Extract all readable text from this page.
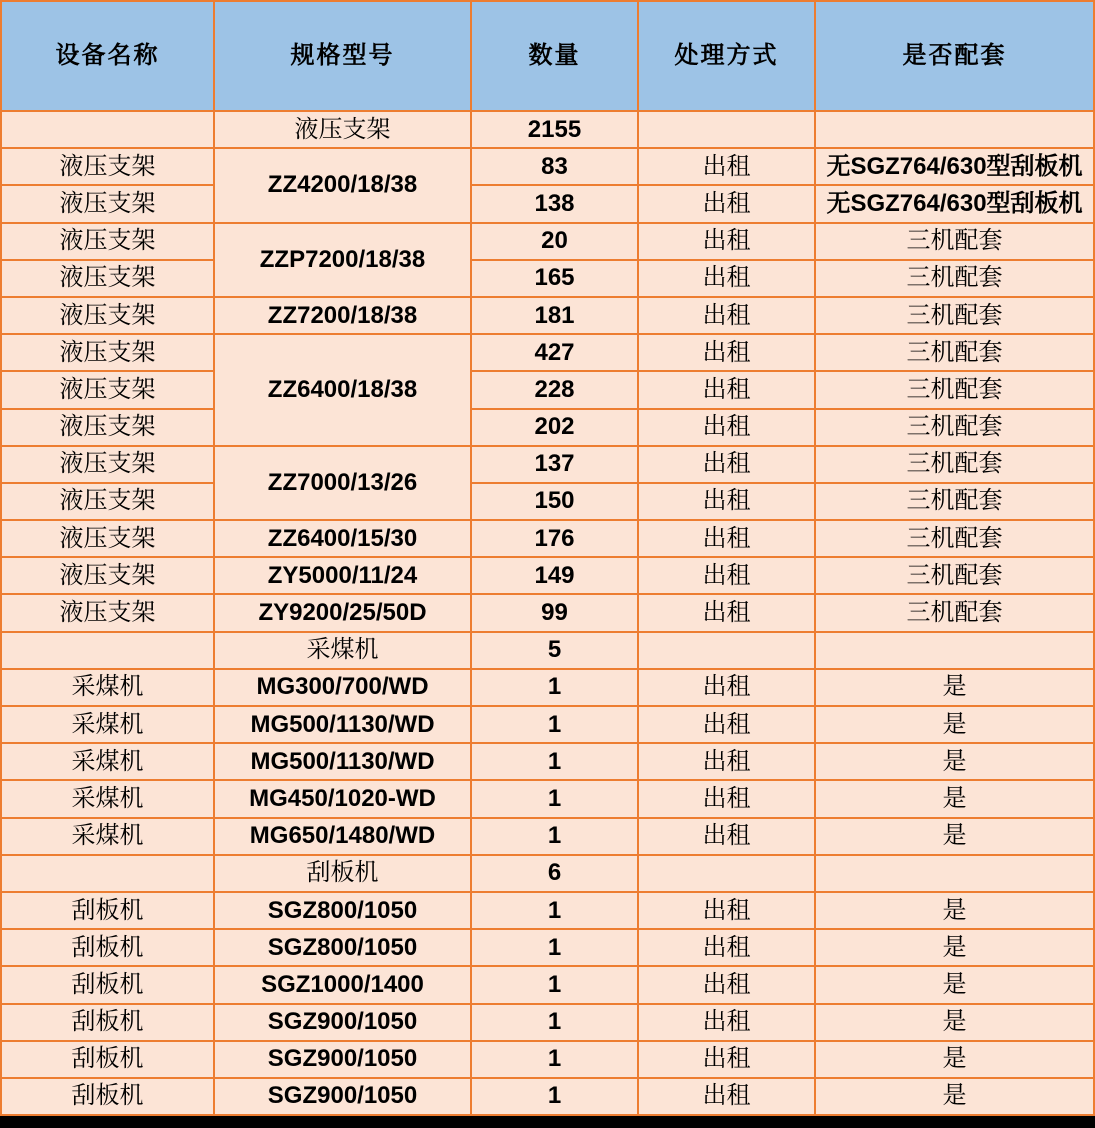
设备名称	规格型号	数量	处理方式	是否配套
	液压支架	2155		
液压支架	ZZ4200/18/38	83	出租	无SGZ764/630型刮板机
液压支架		138	出租	无SGZ764/630型刮板机
液压支架	ZZP7200/18/38	20	出租	三机配套
液压支架		165	出租	三机配套
液压支架	ZZ7200/18/38	181	出租	三机配套
液压支架	ZZ6400/18/38	427	出租	三机配套
液压支架		228	出租	三机配套
液压支架		202	出租	三机配套
液压支架	ZZ7000/13/26	137	出租	三机配套
液压支架		150	出租	三机配套
液压支架	ZZ6400/15/30	176	出租	三机配套
液压支架	ZY5000/11/24	149	出租	三机配套
液压支架	ZY9200/25/50D	99	出租	三机配套
	采煤机	5		
采煤机	MG300/700/WD	1	出租	是
采煤机	MG500/1130/WD	1	出租	是
采煤机	MG500/1130/WD	1	出租	是
采煤机	MG450/1020-WD	1	出租	是
采煤机	MG650/1480/WD	1	出租	是
	刮板机	6		
刮板机	SGZ800/1050	1	出租	是
刮板机	SGZ800/1050	1	出租	是
刮板机	SGZ1000/1400	1	出租	是
刮板机	SGZ900/1050	1	出租	是
刮板机	SGZ900/1050	1	出租	是
刮板机	SGZ900/1050	1	出租	是
